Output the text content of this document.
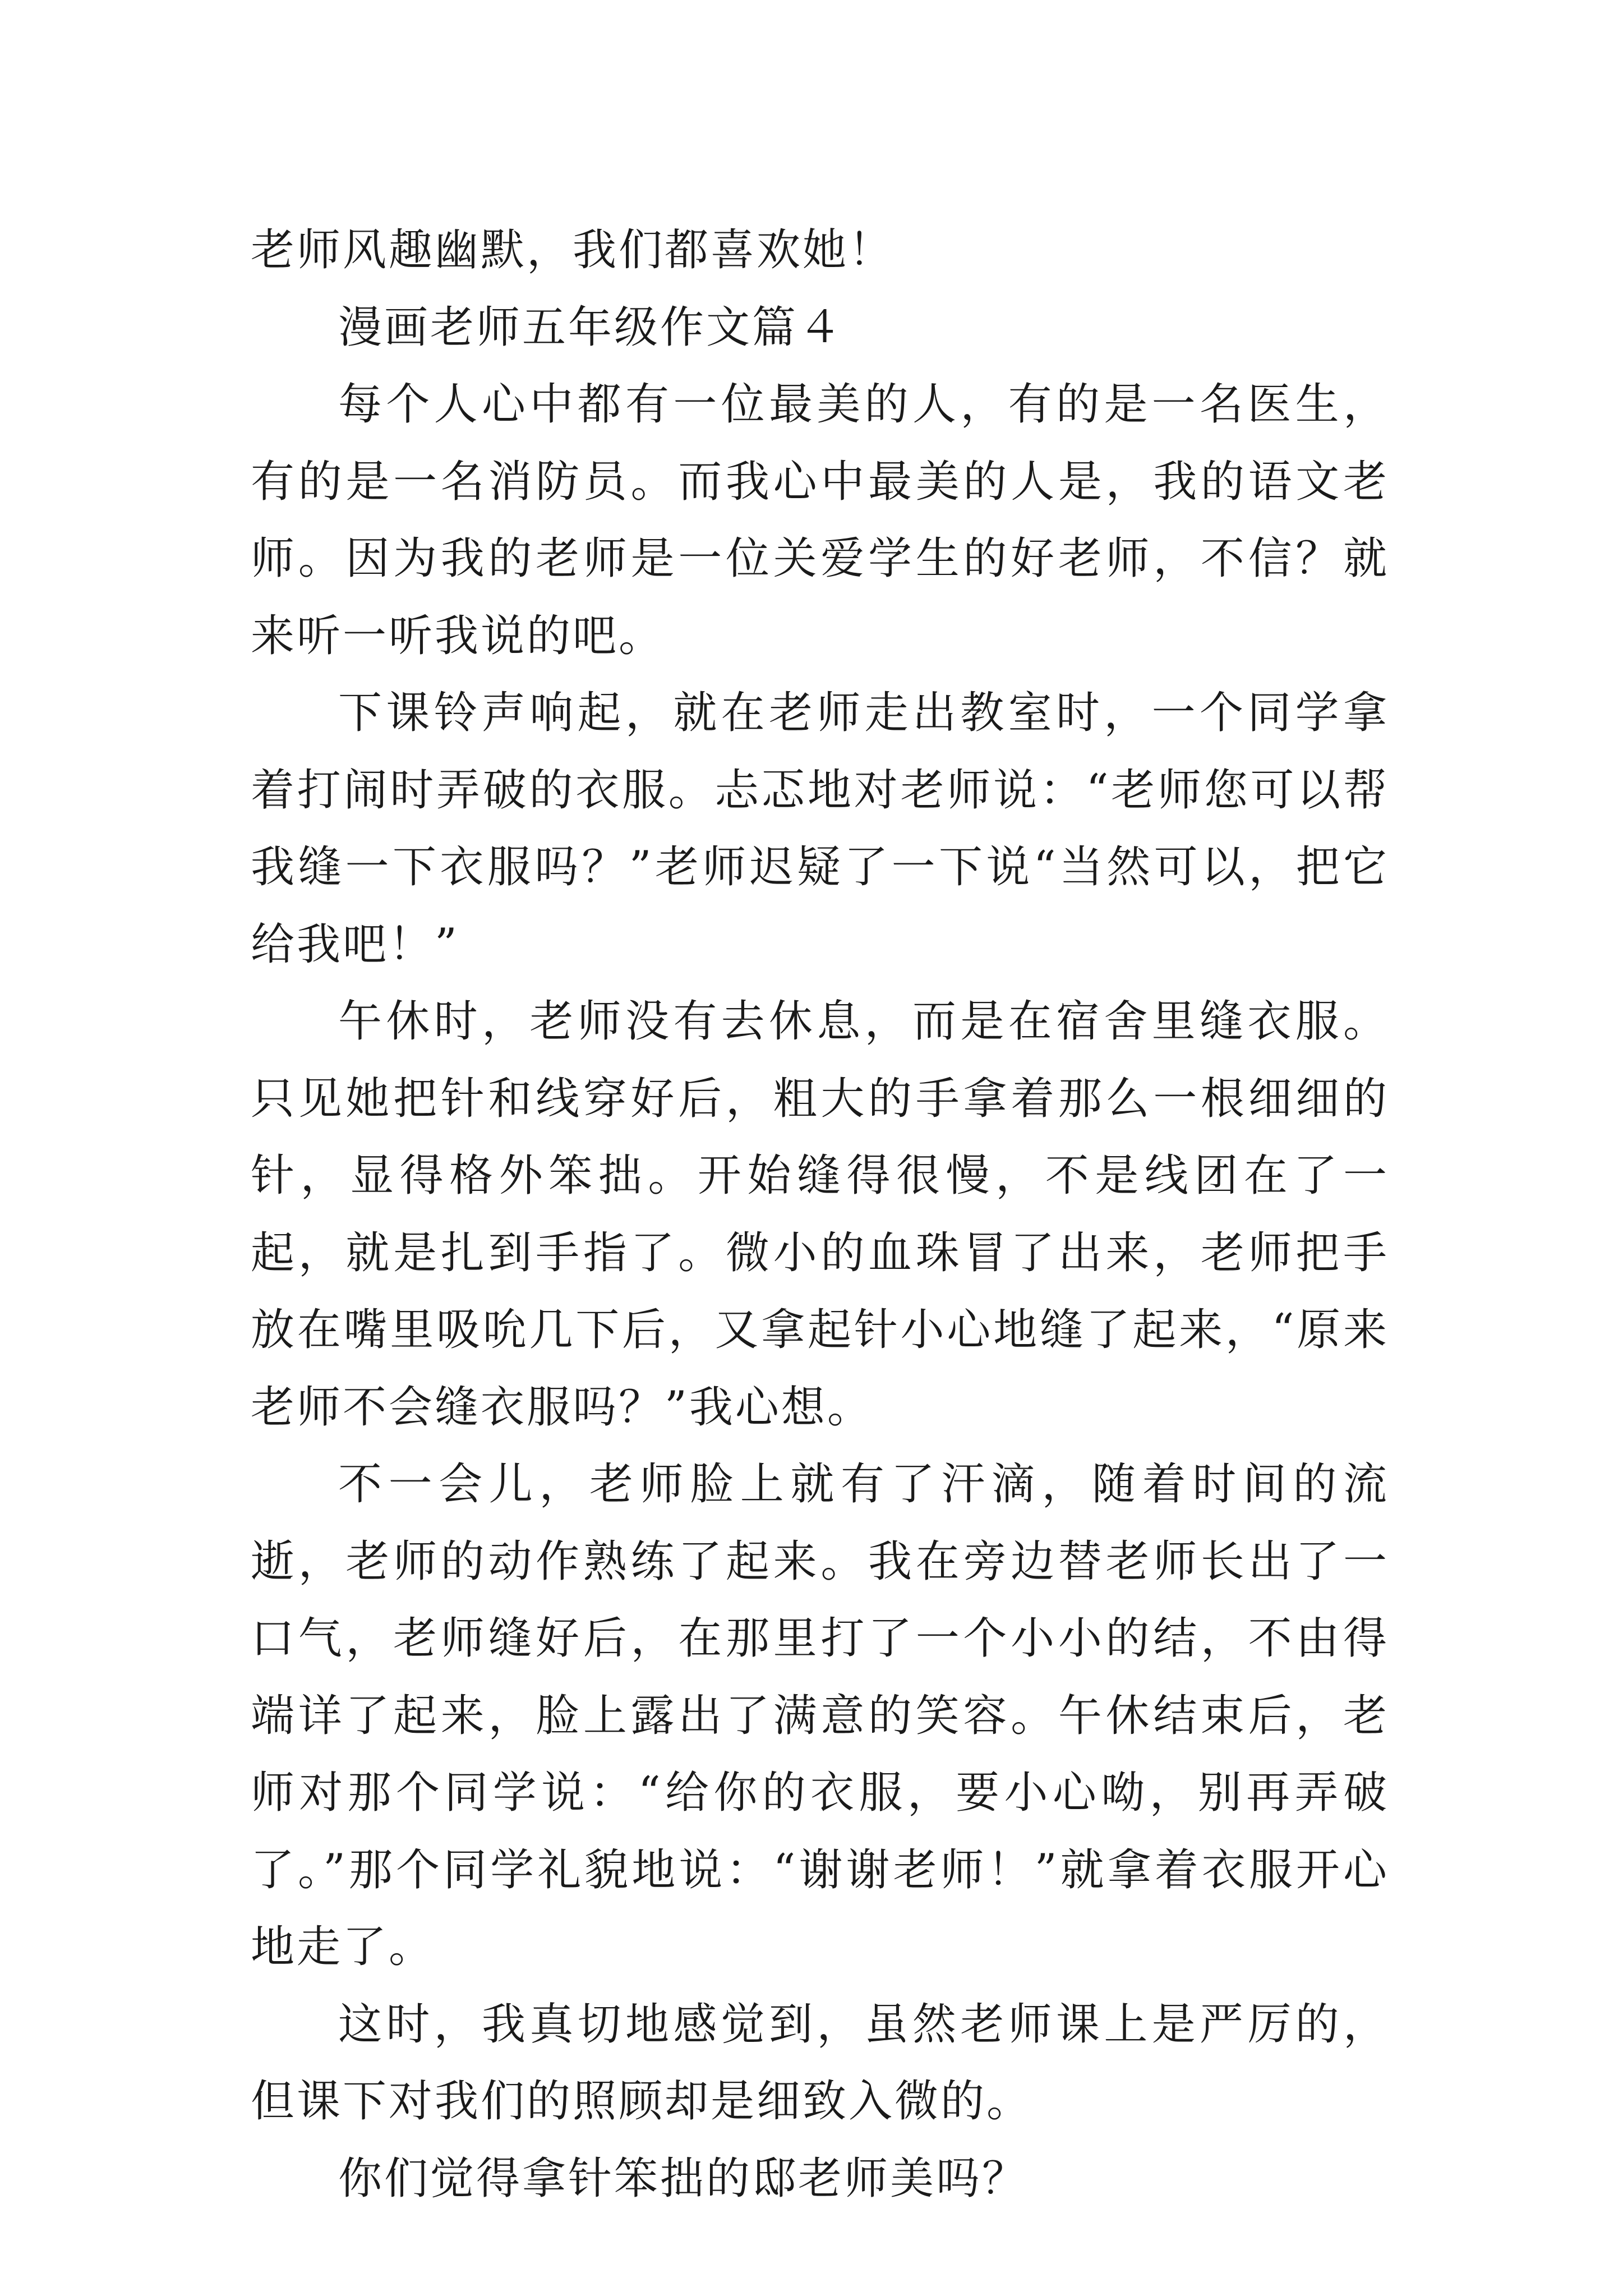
老师风趣幽默，我们都喜欢她！

漫画老师五年级作文篇４

每个人心中都有一位最美的人，有的是一名医生，有的是一名消防员。而我心中最美的人是，我的语文老师。因为我的老师是一位关爱学生的好老师，不信？就来听一听我说的吧。

下课铃声响起，就在老师走出教室时，一个同学拿着打闹时弄破的衣服。忐忑地对老师说：“老师您可以帮我缝一下衣服吗？”老师迟疑了一下说“当然可以，把它给我吧！”

午休时，老师没有去休息，而是在宿舍里缝衣服。只见她把针和线穿好后，粗大的手拿着那么一根细细的针，显得格外笨拙。开始缝得很慢，不是线团在了一起，就是扎到手指了。微小的血珠冒了出来，老师把手放在嘴里吸吮几下后，又拿起针小心地缝了起来，“原来老师不会缝衣服吗？”我心想。

不一会儿，老师脸上就有了汗滴，随着时间的流逝，老师的动作熟练了起来。我在旁边替老师长出了一口气，老师缝好后，在那里打了一个小小的结，不由得端详了起来，脸上露出了满意的笑容。午休结束后，老师对那个同学说：“给你的衣服，要小心呦，别再弄破了。”那个同学礼貌地说：“谢谢老师！”就拿着衣服开心地走了。

这时，我真切地感觉到，虽然老师课上是严厉的，但课下对我们的照顾却是细致入微的。

你们觉得拿针笨拙的邸老师美吗？
